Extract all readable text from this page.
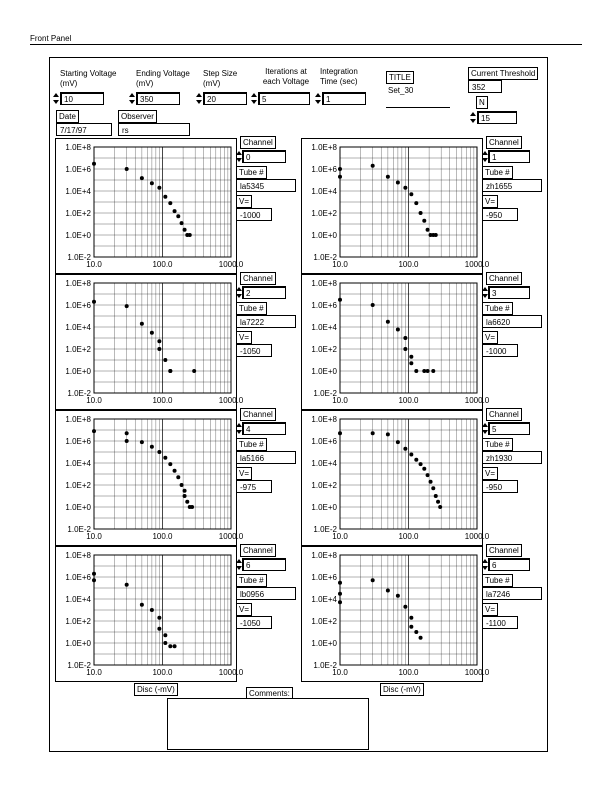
Front Panel
Starting Voltage (mV)
10
Ending Voltage (mV)
350
Step Size (mV)
20
Iterations at each Voltage
5
Integration Time (sec)
1
TITLE
Set_30
Current Threshold
352
N
15
Date
7/17/97
Observer
rs
1.0E-2
1.0E+0
1.0E+2
1.0E+4
1.0E+6
1.0E+8
10.0	100.0	1000.0
1.0E-2
1.0E+0
1.0E+2
1.0E+4
1.0E+6
1.0E+8
10.0	100.0	1000.0
1.0E-2
1.0E+0
1.0E+2
1.0E+4
1.0E+6
1.0E+8
10.0	100.0	1000.0
1.0E-2
1.0E+0
1.0E+2
1.0E+4
1.0E+6
1.0E+8
10.0	100.0	1000.0
1.0E-2
1.0E+0
1.0E+2
1.0E+4
1.0E+6
1.0E+8
10.0	100.0	1000.0
1.0E-2
1.0E+0
1.0E+2
1.0E+4
1.0E+6
1.0E+8
10.0	100.0	1000.0
1.0E-2
1.0E+0
1.0E+2
1.0E+4
1.0E+6
1.0E+8
10.0	100.0	1000.0
1.0E-2
1.0E+0
1.0E+2
1.0E+4
1.0E+6
1.0E+8
10.0	100.0	1000.0
Channel
0
Tube #
la5345
V=
-1000
Channel
1
Tube #
zh1655
V=
-950
Channel
2
Tube #
la7222
V=
-1050
Channel
3
Tube #
la6620
V=
-1000
Channel
4
Tube #
la5166
V=
-975
Channel
5
Tube #
zh1930
V=
-950
Channel
6
Tube #
lb0956
V=
-1050
Channel
6
Tube #
la7246
V=
-1100
Disc (-mV)	Disc (-mV)
Comments:
